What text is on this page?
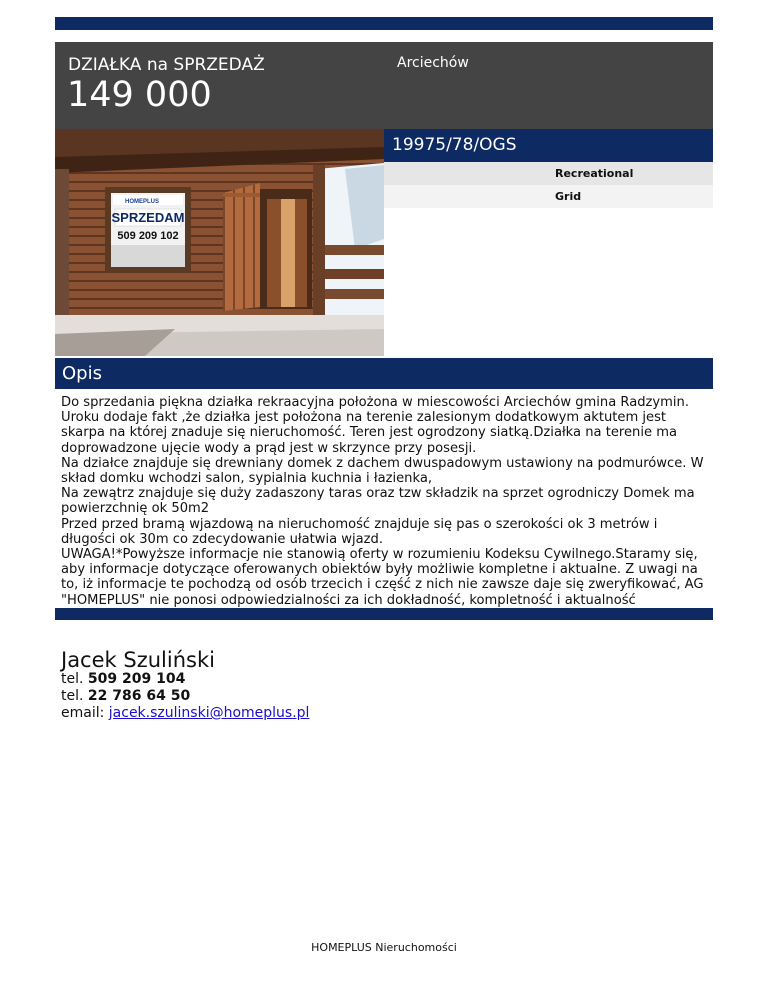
DZIAŁKA na SPRZEDAŻ
149 000
Arciechów
HOMEPLUS
SPRZEDAM
509 209 102
19975/78/OGS
Recreational
Grid
Opis
Do sprzedania piękna działka rekraacyjna położona w miescowości Arciechów gmina Radzymin.
Uroku dodaje fakt ,że działka jest położona na terenie zalesionym dodatkowym aktutem jest
skarpa na której znaduje się nieruchomość. Teren jest ogrodzony siatką.Działka na terenie ma
doprowadzone ujęcie wody a prąd jest w skrzynce przy posesji.
Na działce znajduje się drewniany domek z dachem dwuspadowym ustawiony na podmurówce. W
skład domku wchodzi salon, sypialnia kuchnia i łazienka,
Na zewątrz znajduje się duży zadaszony taras oraz tzw składzik na sprzet ogrodniczy Domek ma
powierzchnię ok 50m2
Przed przed bramą wjazdową na nieruchomość znajduje się pas o szerokości ok 3 metrów i
długości ok 30m co zdecydowanie ułatwia wjazd.
UWAGA!*Powyższe informacje nie stanowią oferty w rozumieniu Kodeksu Cywilnego.Staramy się,
aby informacje dotyczące oferowanych obiektów były możliwie kompletne i aktualne. Z uwagi na
to, iż informacje te pochodzą od osób trzecich i część z nich nie zawsze daje się zweryfikować, AG
"HOMEPLUS" nie ponosi odpowiedzialności za ich dokładność, kompletność i aktualność
Jacek Szuliński
tel. 509 209 104
tel. 22 786 64 50
email: jacek.szulinski@homeplus.pl
HOMEPLUS Nieruchomości
